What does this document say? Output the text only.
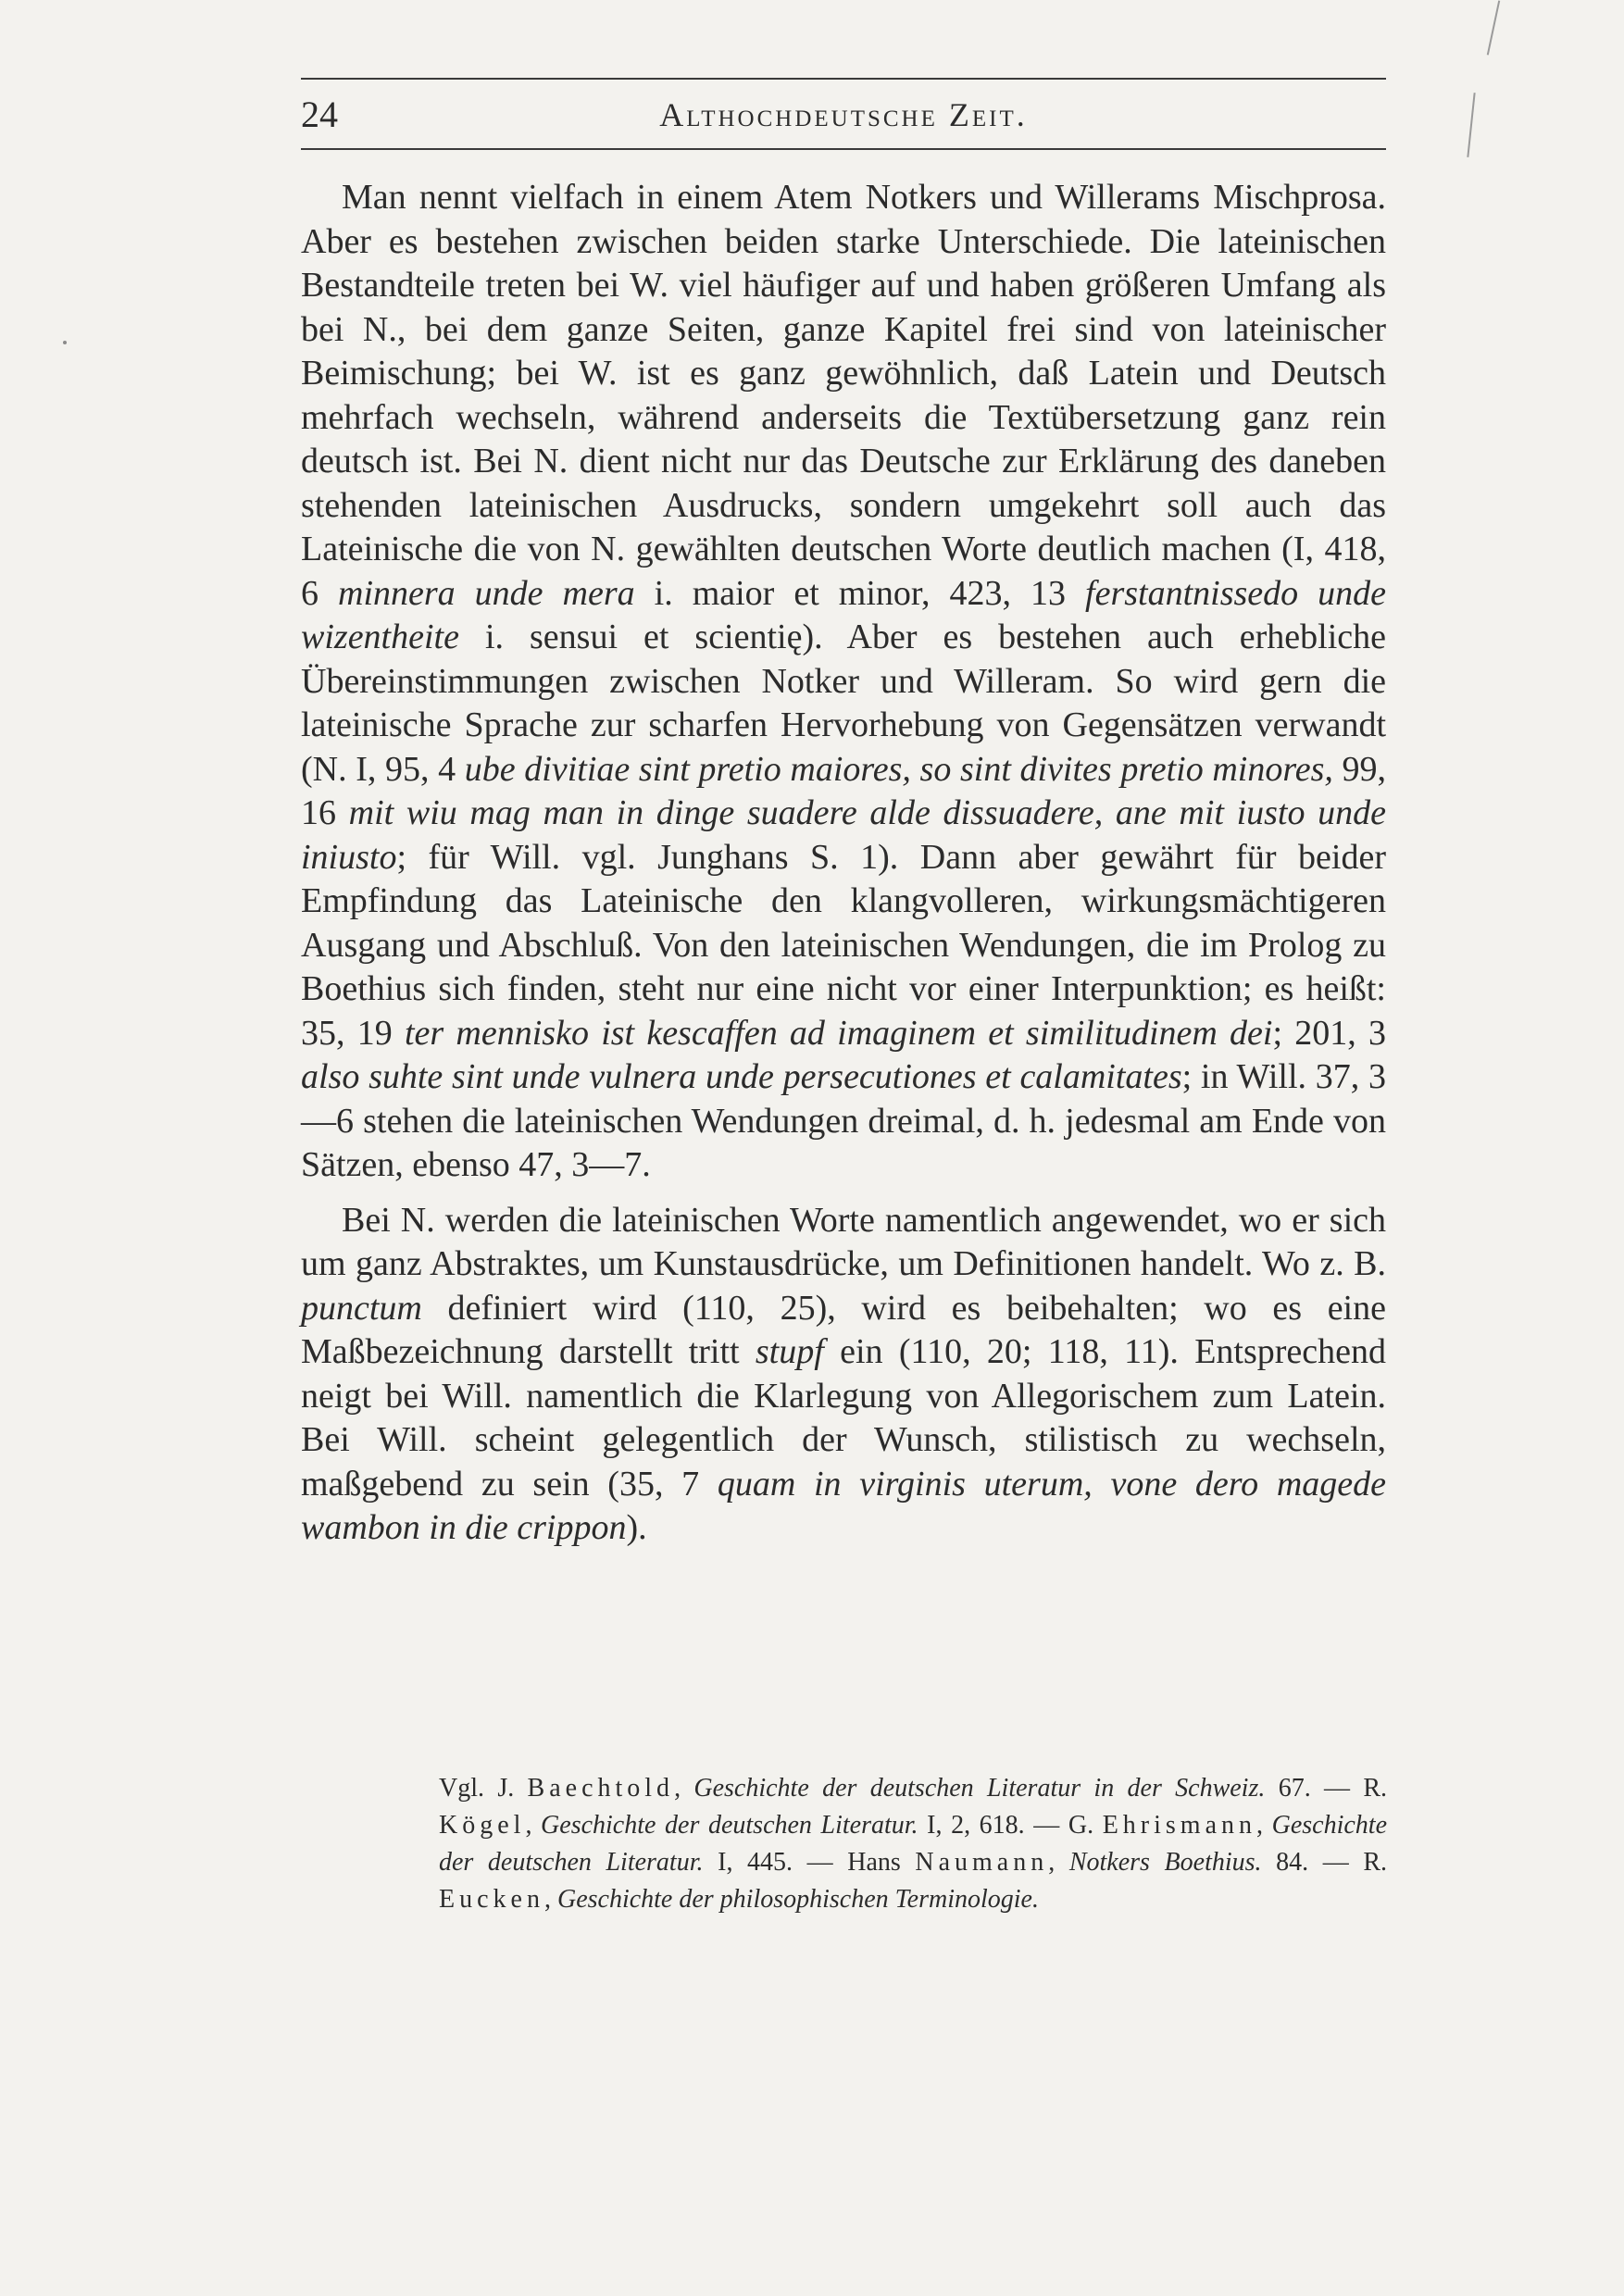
24	Althochdeutsche Zeit.

Man nennt vielfach in einem Atem Notkers und Willerams Mischprosa. Aber es bestehen zwischen beiden starke Unterschiede. Die lateinischen Bestandteile treten bei W. viel häufiger auf und haben größeren Umfang als bei N., bei dem ganze Seiten, ganze Kapitel frei sind von lateinischer Beimischung; bei W. ist es ganz gewöhnlich, daß Latein und Deutsch mehrfach wechseln, während anderseits die Textübersetzung ganz rein deutsch ist. Bei N. dient nicht nur das Deutsche zur Erklärung des daneben stehenden lateinischen Ausdrucks, sondern umgekehrt soll auch das Lateinische die von N. gewählten deutschen Worte deutlich machen (I, 418, 6 minnera unde mera i. maior et minor, 423, 13 ferstantnissedo unde wizentheite i. sensui et scientię). Aber es bestehen auch erhebliche Übereinstimmungen zwischen Notker und Willeram. So wird gern die lateinische Sprache zur scharfen Hervorhebung von Gegensätzen verwandt (N. I, 95, 4 ube divitiae sint pretio maiores, so sint divites pretio minores, 99, 16 mit wiu mag man in dinge suadere alde dissuadere, ane mit iusto unde iniusto; für Will. vgl. Junghans S. 1). Dann aber gewährt für beider Empfindung das Lateinische den klangvolleren, wirkungsmächtigeren Ausgang und Abschluß. Von den lateinischen Wendungen, die im Prolog zu Boethius sich finden, steht nur eine nicht vor einer Interpunktion; es heißt: 35, 19 ter mennisko ist kescaffen ad imaginem et similitudinem dei; 201, 3 also suhte sint unde vulnera unde persecutiones et calamitates; in Will. 37, 3—6 stehen die lateinischen Wendungen dreimal, d. h. jedesmal am Ende von Sätzen, ebenso 47, 3—7.

Bei N. werden die lateinischen Worte namentlich angewendet, wo er sich um ganz Abstraktes, um Kunstausdrücke, um Definitionen handelt. Wo z. B. punctum definiert wird (110, 25), wird es beibehalten; wo es eine Maßbezeichnung darstellt tritt stupf ein (110, 20; 118, 11). Entsprechend neigt bei Will. namentlich die Klarlegung von Allegorischem zum Latein. Bei Will. scheint gelegentlich der Wunsch, stilistisch zu wechseln, maßgebend zu sein (35, 7 quam in virginis uterum, vone dero magede wambon in die crippon).

Vgl. J. Baechtold, Geschichte der deutschen Literatur in der Schweiz. 67. — R. Kögel, Geschichte der deutschen Literatur. I, 2, 618. — G. Ehrismann, Geschichte der deutschen Literatur. I, 445. — Hans Naumann, Notkers Boethius. 84. — R. Eucken, Geschichte der philosophischen Terminologie.
